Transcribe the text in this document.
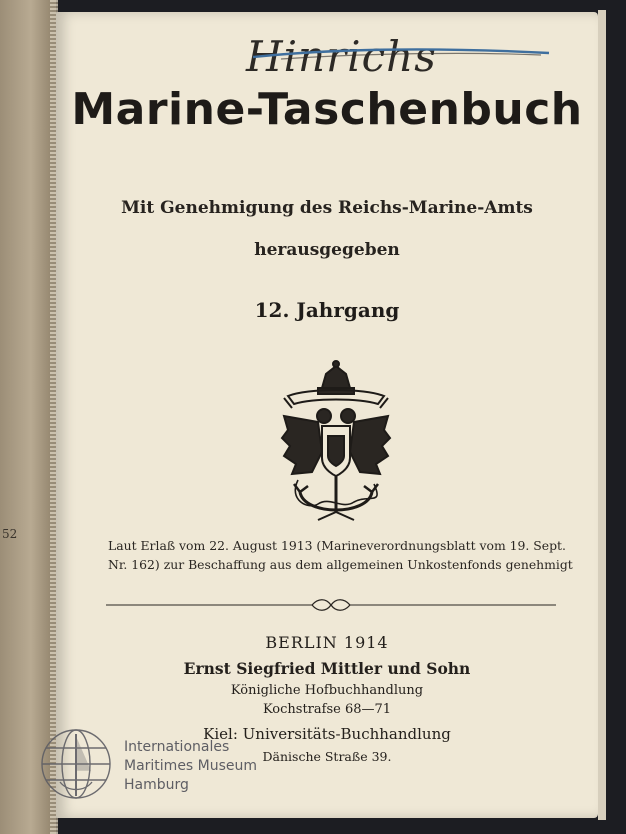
52
Hinrichs
Marine-Taschenbuch
Mit Genehmigung des Reichs-Marine-Amts
herausgegeben
12. Jahrgang
Laut Erlaß vom 22. August 1913 (Marineverordnungsblatt vom 19. Sept.
Nr. 162) zur Beschaffung aus dem allgemeinen Unkostenfonds genehmigt
BERLIN 1914
Ernst Siegfried Mittler und Sohn
Königliche Hofbuchhandlung
Kochstrafse 68—71
Kiel: Universitäts-Buchhandlung
Dänische Straße 39.
Internationales
Maritimes Museum
Hamburg
